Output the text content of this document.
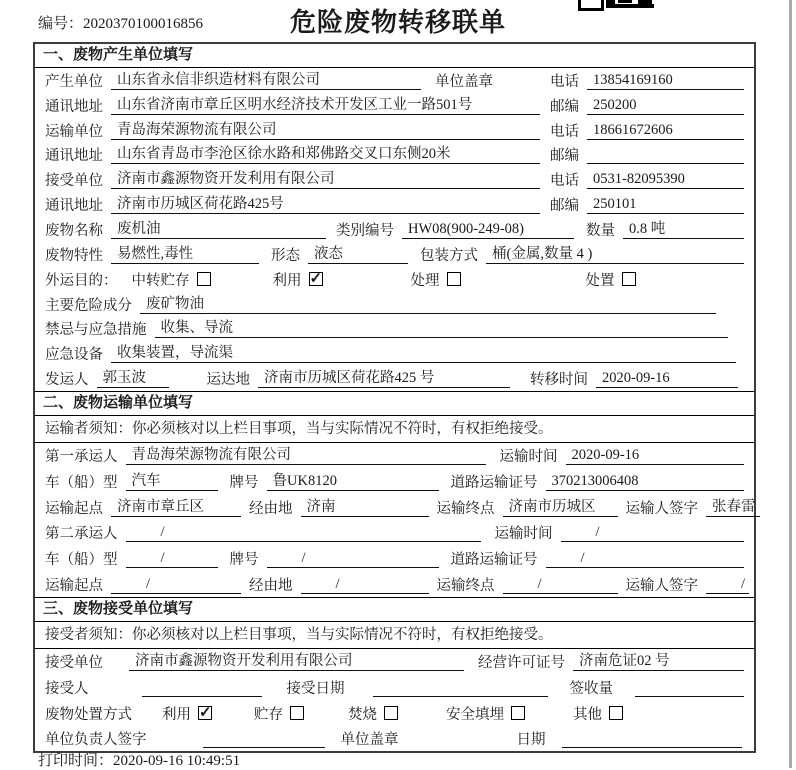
编号：2020370100016856	危险废物转移联单
一、废物产生单位填写
产生单位 山东省永信非织造材料有限公司	单位盖章	电话 13854169160
通讯地址 山东省济南市章丘区明水经济技术开发区工业一路501号	邮编 250200
运输单位 青岛海荣源物流有限公司	电话 18661672606
通讯地址 山东省青岛市李沧区徐水路和郑佛路交叉口东侧20米	邮编
接受单位 济南市鑫源物资开发利用有限公司	电话 0531-82095390
通讯地址 济南市历城区荷花路425号	邮编 250101
废物名称 废机油	类别编号 HW08(900-249-08)	数量 0.8 吨
废物特性 易燃性,毒性	形态 液态	包装方式 桶(金属,数量 4 )
外运目的： 中转贮存	利用 ✓	处理	处置
主要危险成分 废矿物油
禁忌与应急措施 收集、导流
应急设备 收集装置，导流渠
发运人 郭玉波	运达地 济南市历城区荷花路425 号	转移时间 2020-09-16
二、废物运输单位填写
运输者须知：你必须核对以上栏目事项，当与实际情况不符时，有权拒绝接受。
第一承运人 青岛海荣源物流有限公司	运输时间 2020-09-16
车（船）型 汽车	牌号 鲁UK8120	道路运输证号 370213006408
运输起点 济南市章丘区	经由地 济南	运输终点 济南市历城区	运输人签字 张春雷
第二承运人	/	运输时间	/
车（船）型	/	牌号	/	道路运输证号	/
运输起点	/	经由地	/	运输终点	/	运输人签字	/
三、废物接受单位填写
接受者须知：你必须核对以上栏目事项，当与实际情况不符时，有权拒绝接受。
接受单位	济南市鑫源物资开发利用有限公司	经营许可证号 济南危证02 号
接受人	接受日期	签收量
废物处置方式 利用 ✓	贮存	焚烧	安全填埋	其他
单位负责人签字	单位盖章	日期
打印时间：2020-09-16 10:49:51
